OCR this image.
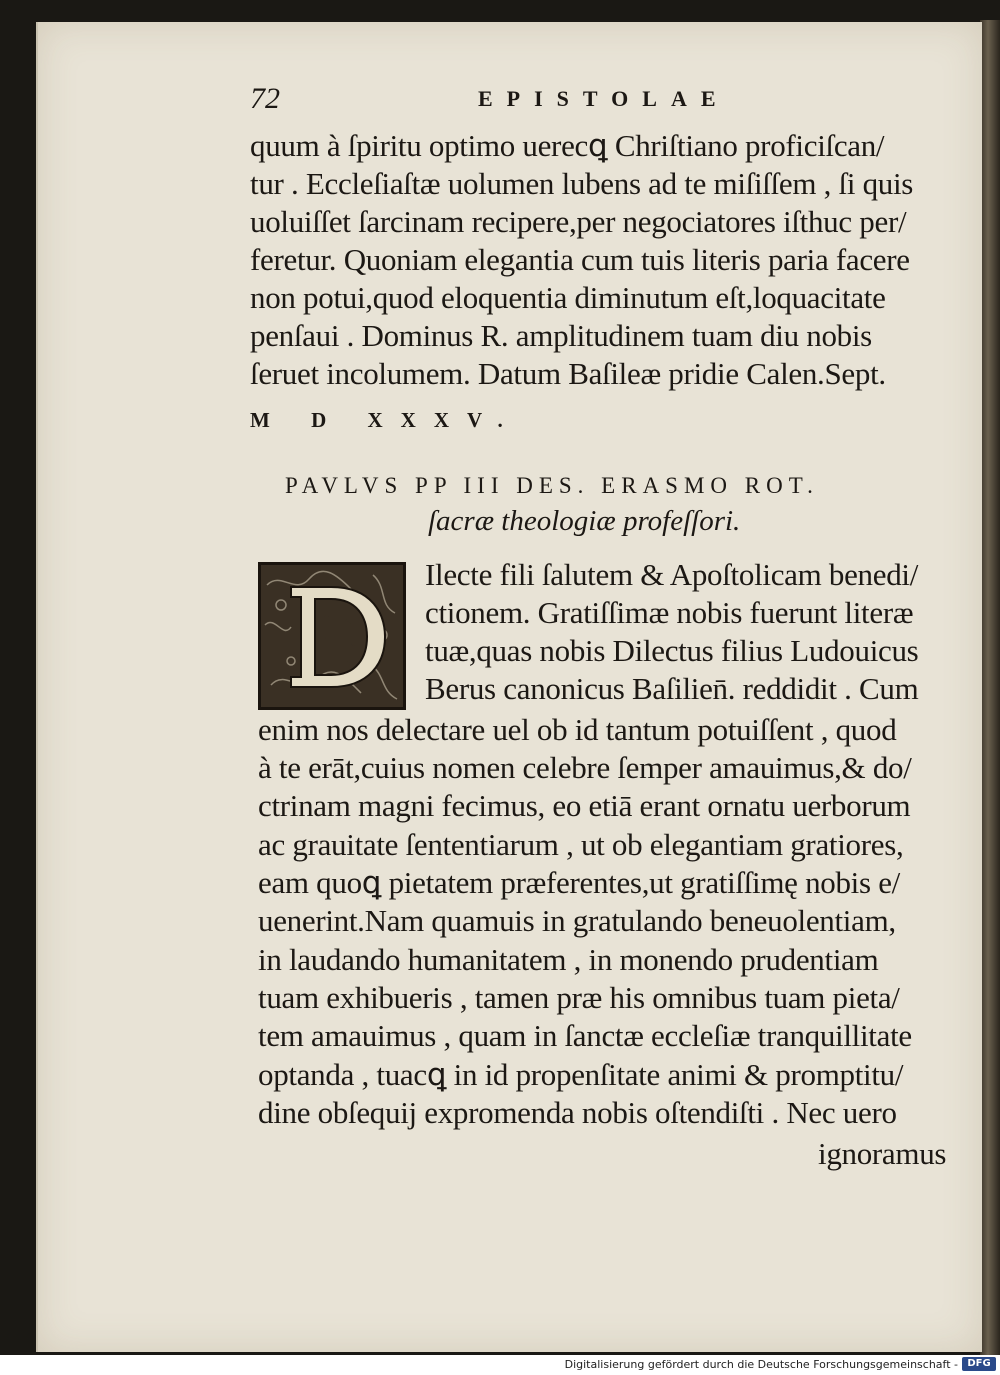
72	EPISTOLAE
quum à ſpiritu optimo uerecꝗ Chriſtiano proficiſcan/
tur . Eccleſiaſtæ uolumen lubens ad te miſiſſem , ſi quis
uoluiſſet ſarcinam recipere,per negociatores iſthuc per/
feretur. Quoniam elegantia cum tuis literis paria facere
non potui,quod eloquentia diminutum eſt,loquacitate
penſaui . Dominus R. amplitudinem tuam diu nobis
ſeruet incolumem. Datum Baſileæ pridie Calen.Sept.
M D XXXV.
PAVLVS PP III DES. ERASMO ROT.
ſacræ theologiæ profeſſori.
Ilecte fili ſalutem & Apoſtolicam benedi/
ctionem. Gratiſſimæ nobis fuerunt literæ
tuæ,quas nobis Dilectus filius Ludouicus
Berus canonicus Baſilien̄. reddidit . Cum
enim nos delectare uel ob id tantum potuiſſent , quod
à te erāt,cuius nomen celebre ſemper amauimus,& do/
ctrinam magni fecimus, eo etiā erant ornatu uerborum
ac grauitate ſententiarum , ut ob elegantiam gratiores,
eam quoꝗ pietatem præferentes,ut gratiſſimę nobis e/
uenerint.Nam quamuis in gratulando beneuolentiam,
in laudando humanitatem , in monendo prudentiam
tuam exhibueris , tamen præ his omnibus tuam pieta/
tem amauimus , quam in ſanctæ eccleſiæ tranquillitate
optanda , tuacꝗ in id propenſitate animi & promptitu/
dine obſequij expromenda nobis oſtendiſti . Nec uero
ignoramus
Digitalisierung gefördert durch die Deutsche Forschungsgemeinschaft - DFG
